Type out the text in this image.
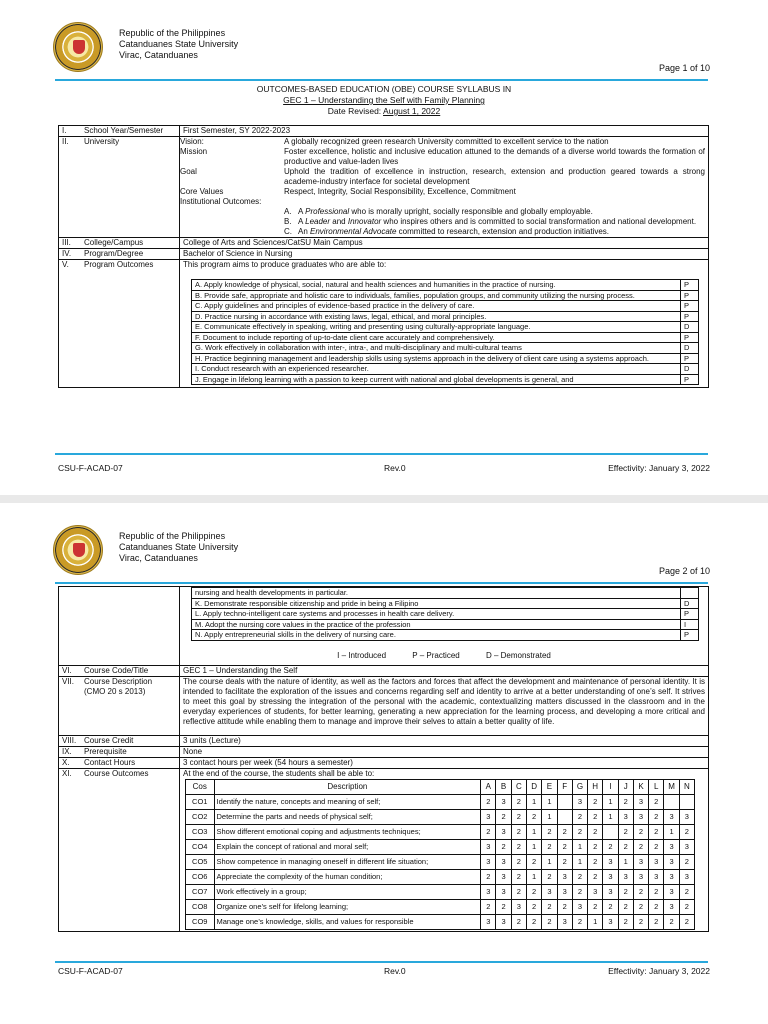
Republic of the Philippines
Catanduanes State University
Virac, Catanduanes
Page 1 of 10
OUTCOMES-BASED EDUCATION (OBE) COURSE SYLLABUS IN
GEC 1 – Understanding the Self with Family Planning
Date Revised: August 1, 2022
I. School Year/Semester	First Semester, SY 2022-2023
II. University	Vision:	A globally recognized green research University committed to excellent service to the nation
Mission	Foster excellence, holistic and inclusive education attuned to the demands of a diverse world towards the formation of productive and value-laden lives
Goal	Uphold the tradition of excellence in instruction, research, extension and production geared towards a strong academe-industry interface for societal development
Core Values	Respect, Integrity, Social Responsibility, Excellence, Commitment
Institutional Outcomes:
A. A Professional who is morally upright, socially responsible and globally employable.
B. A Leader and Innovator who inspires others and is committed to social transformation and national development.
C. An Environmental Advocate committed to research, extension and production initiatives.

III. College/Campus	College of Arts and Sciences/CatSU Main Campus
IV. Program/Degree	Bachelor of Science in Nursing
V. Program Outcomes	This program aims to produce graduates who are able to:
A. Apply knowledge of physical, social, natural and health sciences and humanities in the practice of nursing.	P
B. Provide safe, appropriate and holistic care to individuals, families, population groups, and community utilizing the nursing process.	P
C. Apply guidelines and principles of evidence-based practice in the delivery of care.	P
D. Practice nursing in accordance with existing laws, legal, ethical, and moral principles.	P
E. Communicate effectively in speaking, writing and presenting using culturally-appropriate language.	D
F. Document to include reporting of up-to-date client care accurately and comprehensively.	P
G. Work effectively in collaboration with inter-, intra-, and multi-disciplinary and multi-cultural teams	D
H. Practice beginning management and leadership skills using systems approach in the delivery of client care using a systems approach.	P
I. Conduct research with an experienced researcher.	D
J. Engage in lifelong learning with a passion to keep current with national and global developments is general, and	P
CSU-F-ACAD-07	Rev.0	Effectivity: January 3, 2022
Republic of the Philippines
Catanduanes State University
Virac, Catanduanes
Page 2 of 10

nursing and health developments in particular.	
K. Demonstrate responsible citizenship and pride in being a Filipino	D
L. Apply techno-intelligent care systems and processes in health care delivery.	P
M. Adopt the nursing core values in the practice of the profession	I
N. Apply entrepreneurial skills in the delivery of nursing care.	P
I – Introduced	P – Practiced	D – Demonstrated

VI. Course Code/Title	GEC 1 – Understanding the Self
VII. Course Description
(CMO 20 s 2013)
	The course deals with the nature of identity, as well as the factors and forces that affect the development and maintenance of personal identity. It is intended to facilitate the exploration of the issues and concerns regarding self and identity to arrive at a better understanding of one’s self. It strives to meet this goal by stressing the integration of the personal with the academic, contextualizing matters discussed in the classroom and in the everyday experiences of students, for better learning, generating a new appreciation for the learning process, and developing a more critical and reflective attitude while enabling them to manage and improve their selves to attain a better quality of life.
VIII. Course Credit	3 units (Lecture)
IX. Prerequisite	None
X. Contact Hours	3 contact hours per week (54 hours a semester)
XI. Course Outcomes	At the end of the course, the students shall be able to:
Cos	Description	A	B	C	D	E	F	G	H	I	J	K	L	M	N
CO1	Identify the nature, concepts and meaning of self;	2	3	2	1	1		3	2	1	2	3	2		
CO2	Determine the parts and needs of physical self;	3	2	2	2	1		2	2	1	3	3	2	3	3
CO3	Show different emotional coping and adjustments techniques;	2	3	2	1	2	2	2	2		2	2	2	1	2
CO4	Explain the concept of rational and moral self;	3	2	2	1	2	2	1	2	2	2	2	2	3	3
CO5	Show competence in managing oneself in different life situation;	3	3	2	2	1	2	1	2	3	1	3	3	3	2
CO6	Appreciate the complexity of the human condition;	2	3	2	1	2	3	2	2	3	3	3	3	3	3
CO7	Work effectively in a group;	3	3	2	2	3	3	2	3	3	2	2	2	3	2
CO8	Organize one’s self for lifelong learning;	2	2	3	2	2	2	3	2	2	2	2	2	3	2
CO9	Manage one’s knowledge, skills, and values for responsible	3	3	2	2	2	3	2	1	3	2	2	2	2	2
CSU-F-ACAD-07	Rev.0	Effectivity: January 3, 2022
